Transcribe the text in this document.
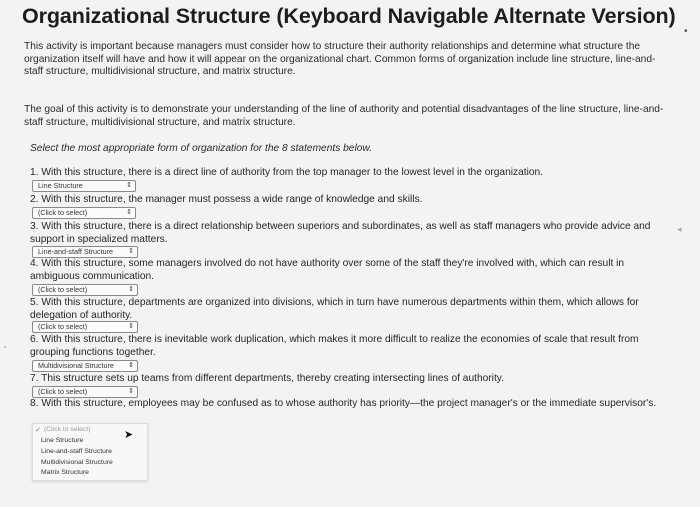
Organizational Structure (Keyboard Navigable Alternate Version)
•
This activity is important because managers must consider how to structure their authority relationships and determine what structure the organization itself will have and how it will appear on the organizational chart. Common forms of organization include line structure, line-and-staff structure, multidivisional structure, and matrix structure.
The goal of this activity is to demonstrate your understanding of the line of authority and potential disadvantages of the line structure, line-and-staff structure, multidivisional structure, and matrix structure.
Select the most appropriate form of organization for the 8 statements below.
1. With this structure, there is a direct line of authority from the top manager to the lowest level in the organization.
Line Structure	⇕
2. With this structure, the manager must possess a wide range of knowledge and skills.
(Click to select)	⇕
3. With this structure, there is a direct relationship between superiors and subordinates, as well as staff managers who provide advice and support in specialized matters.
Line-and-staff Structure ⇕
4. With this structure, some managers involved do not have authority over some of the staff they're involved with, which can result in ambiguous communication.
(Click to select)	⇕
5. With this structure, departments are organized into divisions, which in turn have numerous departments within them, which allows for delegation of authority.
(Click to select)	⇕
6. With this structure, there is inevitable work duplication, which makes it more difficult to realize the economies of scale that result from grouping functions together.
Multidivisional Structure ⇕
7. This structure sets up teams from different departments, thereby creating intersecting lines of authority.
(Click to select)	⇕
8. With this structure, employees may be confused as to whose authority has priority—the project manager's or the immediate supervisor's.
✓ (Click to select)
Line Structure
Line-and-staff Structure
Multidivisional Structure
Matrix Structure
➤
▪
◂
